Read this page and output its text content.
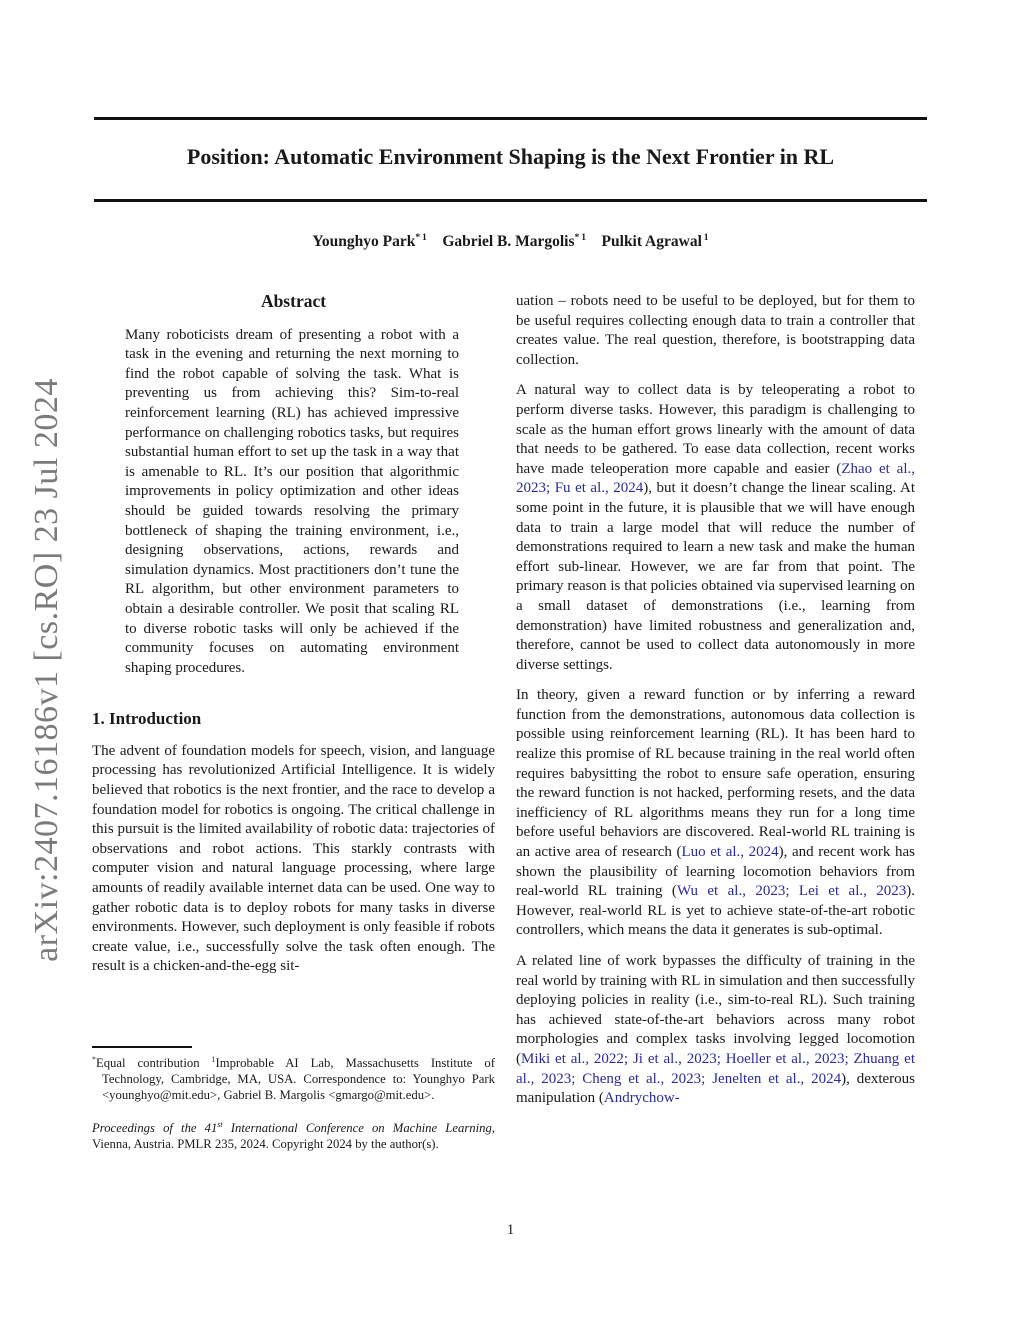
arXiv:2407.16186v1 [cs.RO] 23 Jul 2024
Position: Automatic Environment Shaping is the Next Frontier in RL
Younghyo Park$^{* 1}$  Gabriel B. Margolis$^{* 1}$  Pulkit Agrawal $^1$
Abstract
Many roboticists dream of presenting a robot with a task in the evening and returning the next morning to find the robot capable of solving the task. What is preventing us from achieving this? Sim-to-real reinforcement learning (RL) has achieved impressive performance on challenging robotics tasks, but requires substantial human effort to set up the task in a way that is amenable to RL. It’s our position that algorithmic improvements in policy optimization and other ideas should be guided towards resolving the primary bottleneck of shaping the training environment, i.e., designing observations, actions, rewards and simulation dynamics. Most practitioners don’t tune the RL algorithm, but other environment parameters to obtain a desirable controller. We posit that scaling RL to diverse robotic tasks will only be achieved if the community focuses on automating environment shaping procedures.
1. Introduction
The advent of foundation models for speech, vision, and language processing has revolutionized Artificial Intelligence. It is widely believed that robotics is the next frontier, and the race to develop a foundation model for robotics is ongoing. The critical challenge in this pursuit is the limited availability of robotic data: trajectories of observations and robot actions. This starkly contrasts with computer vision and natural language processing, where large amounts of readily available internet data can be used. One way to gather robotic data is to deploy robots for many tasks in diverse environments. However, such deployment is only feasible if robots create value, i.e., successfully solve the task often enough. The result is a chicken-and-the-egg sit-
uation – robots need to be useful to be deployed, but for them to be useful requires collecting enough data to train a controller that creates value. The real question, therefore, is bootstrapping data collection.
A natural way to collect data is by teleoperating a robot to perform diverse tasks. However, this paradigm is challenging to scale as the human effort grows linearly with the amount of data that needs to be gathered. To ease data collection, recent works have made teleoperation more capable and easier (Zhao et al., 2023; Fu et al., 2024), but it doesn’t change the linear scaling. At some point in the future, it is plausible that we will have enough data to train a large model that will reduce the number of demonstrations required to learn a new task and make the human effort sub-linear. However, we are far from that point. The primary reason is that policies obtained via supervised learning on a small dataset of demonstrations (i.e., learning from demonstration) have limited robustness and generalization and, therefore, cannot be used to collect data autonomously in more diverse settings.
In theory, given a reward function or by inferring a reward function from the demonstrations, autonomous data collection is possible using reinforcement learning (RL). It has been hard to realize this promise of RL because training in the real world often requires babysitting the robot to ensure safe operation, ensuring the reward function is not hacked, performing resets, and the data inefficiency of RL algorithms means they run for a long time before useful behaviors are discovered. Real-world RL training is an active area of research (Luo et al., 2024), and recent work has shown the plausibility of learning locomotion behaviors from real-world RL training (Wu et al., 2023; Lei et al., 2023). However, real-world RL is yet to achieve state-of-the-art robotic controllers, which means the data it generates is sub-optimal.
A related line of work bypasses the difficulty of training in the real world by training with RL in simulation and then successfully deploying policies in reality (i.e., sim-to-real RL). Such training has achieved state-of-the-art behaviors across many robot morphologies and complex tasks involving legged locomotion (Miki et al., 2022; Ji et al., 2023; Hoeller et al., 2023; Zhuang et al., 2023; Cheng et al., 2023; Jenelten et al., 2024), dexterous manipulation (Andrychow-
*Equal contribution $^1$Improbable AI Lab, Massachusetts Institute of Technology, Cambridge, MA, USA. Correspondence to: Younghyo Park <younghyo@mit.edu>, Gabriel B. Margolis <gmargo@mit.edu>.
Proceedings of the 41st International Conference on Machine Learning, Vienna, Austria. PMLR 235, 2024. Copyright 2024 by the author(s).
1
